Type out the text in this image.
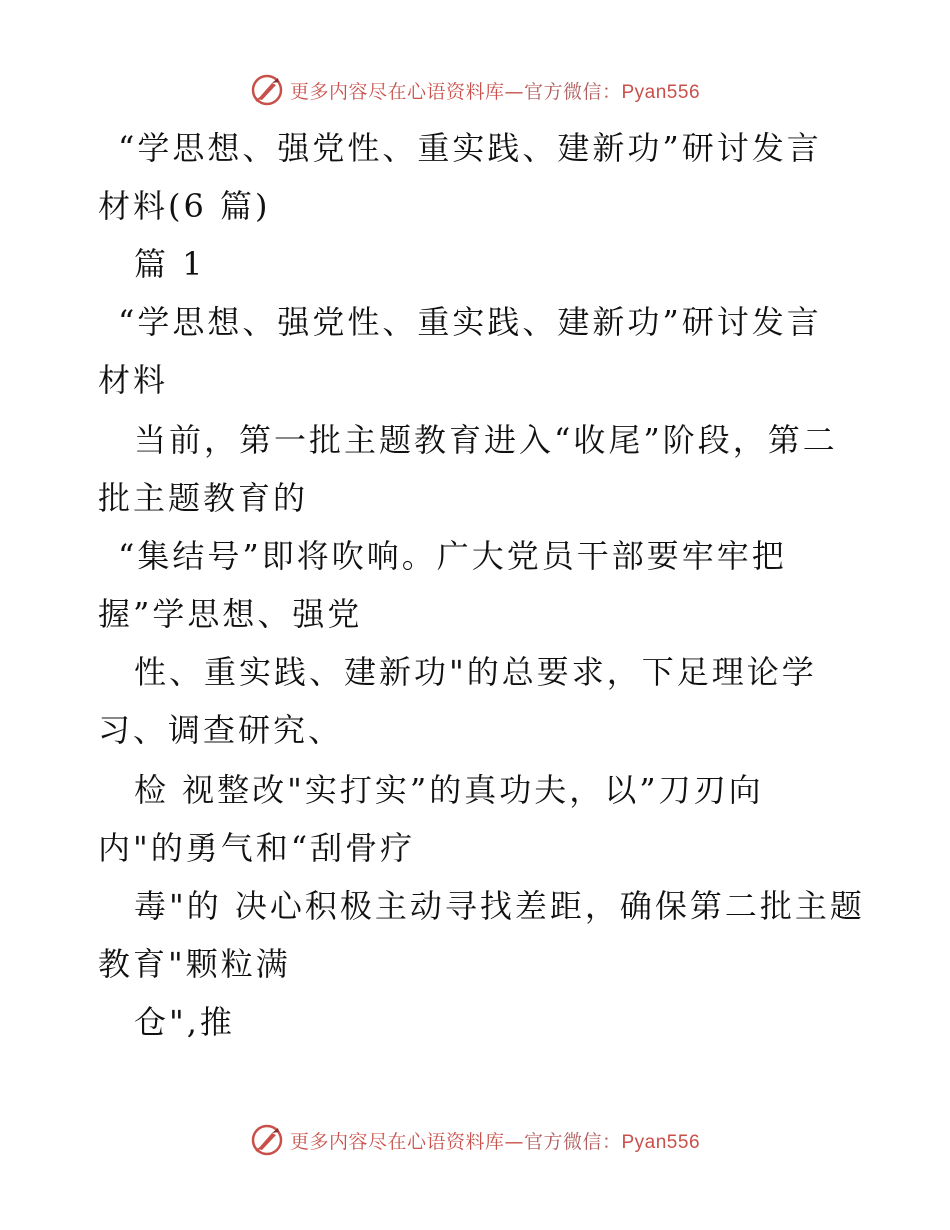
更多内容尽在心语资料库—官方微信：Pyan556
“学思想、强党性、重实践、建新功”研讨发言
材料(6 篇)
篇 1
“学思想、强党性、重实践、建新功”研讨发言
材料
当前，第一批主题教育进入“收尾”阶段，第二
批主题教育的
“集结号”即将吹响。广大党员干部要牢牢把
握”学思想、强党
性、重实践、建新功"的总要求，下足理论学
习、调查研究、
检 视整改"实打实”的真功夫，以”刀刃向
内"的勇气和“刮骨疗
毒"的 决心积极主动寻找差距，确保第二批主题
教育"颗粒满
仓",推
更多内容尽在心语资料库—官方微信：Pyan556
